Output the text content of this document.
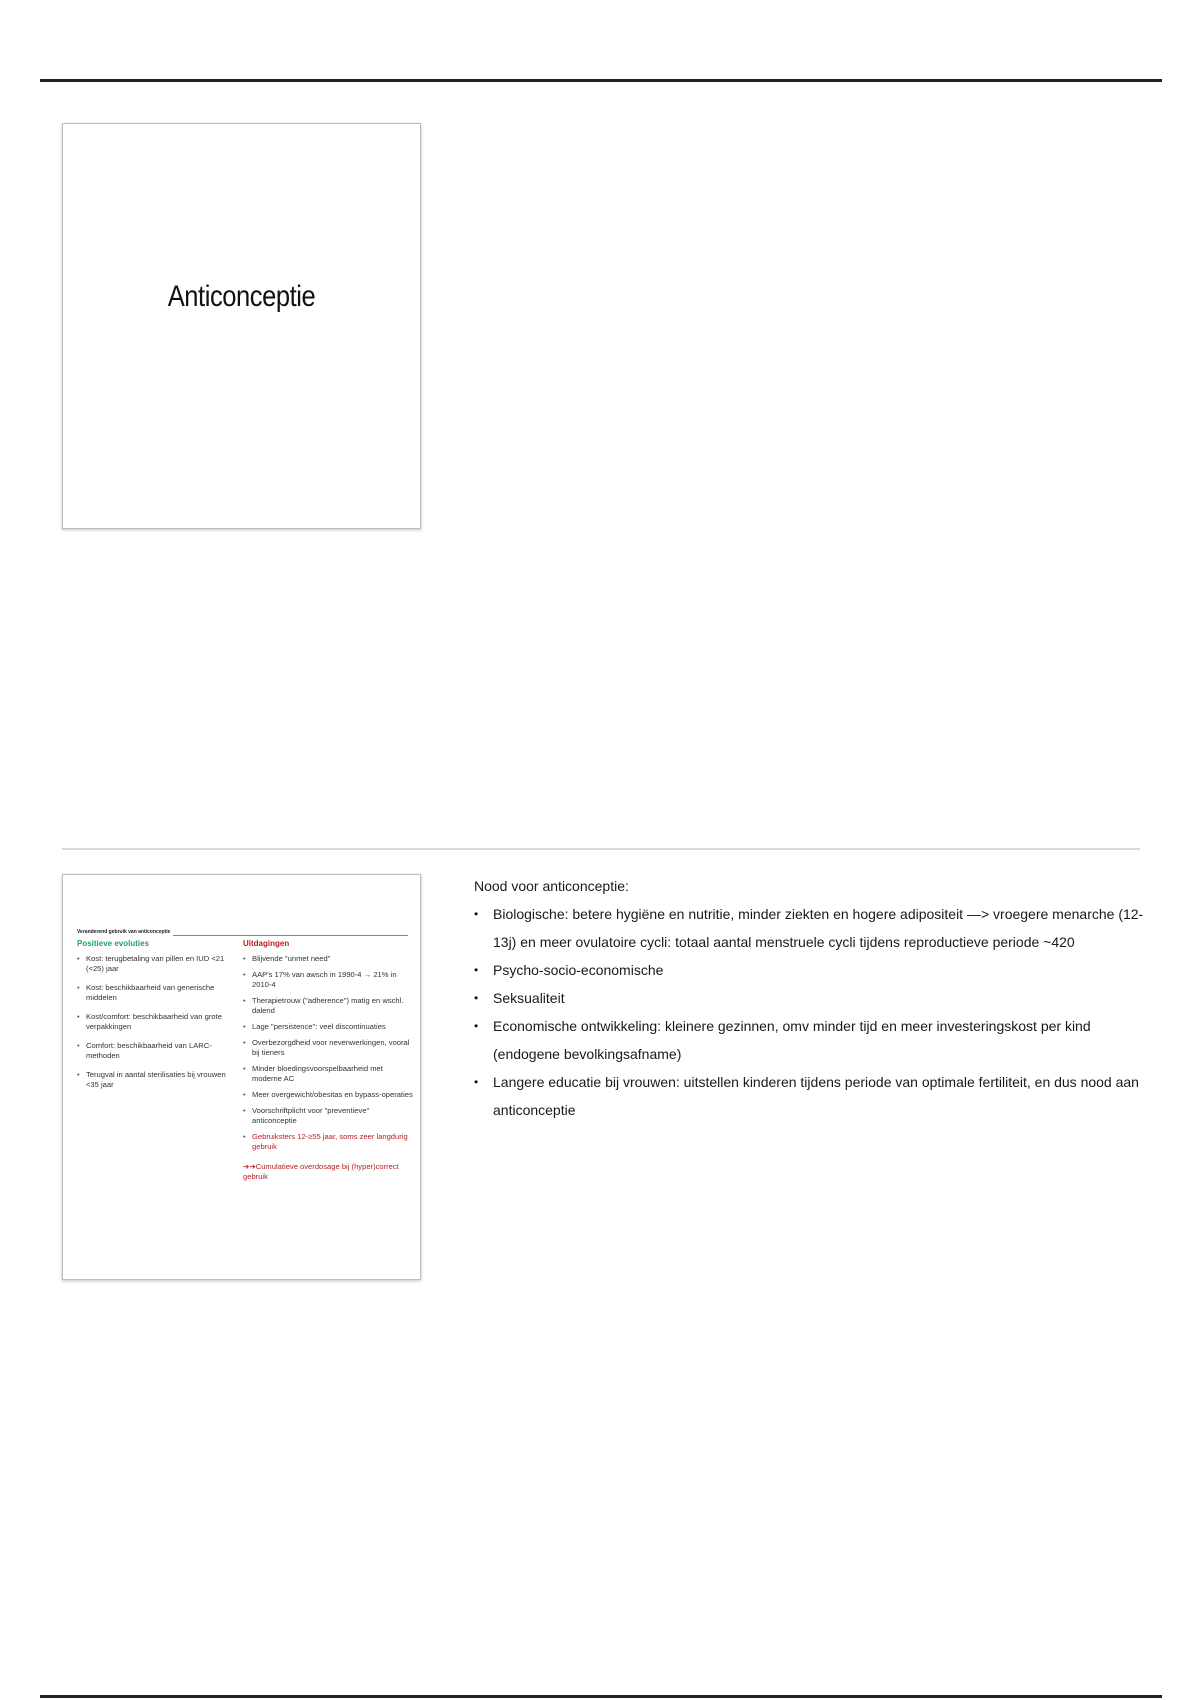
Anticonceptie
Veranderend gebruik van anticonceptie
Positieve evoluties
• Kost: terugbetaling van pillen en IUD <21 (<25) jaar
• Kost: beschikbaarheid van generische middelen
• Kost/comfort: beschikbaarheid van grote verpakkingen
• Comfort: beschikbaarheid van LARC-methoden
• Terugval in aantal sterilisaties bij vrouwen <35 jaar
Uitdagingen
• Blijvende "unmet need"
• AAP's 17% van awsch in 1990-4 → 21% in 2010-4
• Therapietrouw ("adherence") matig en wschl. dalend
• Lage "persistence": veel discontinuaties
• Overbezorgdheid voor nevenwerkingen, vooral bij tieners
• Minder bloedingsvoorspelbaarheid met moderne AC
• Meer overgewicht/obesitas en bypass-operaties
• Voorschriftplicht voor "preventieve" anticonceptie
• Gebruiksters 12-≥55 jaar, soms zeer langdurig gebruik
➔➔Cumulatieve overdosage bij (hyper)correct gebruik

Nood voor anticonceptie:

• Biologische: betere hygiëne en nutritie, minder ziekten en hogere adipositeit —> vroegere menarche (12-13j) en meer ovulatoire cycli: totaal aantal menstruele cycli tijdens reproductieve periode ~420
• Psycho-socio-economische
• Seksualiteit
• Economische ontwikkeling: kleinere gezinnen, omv minder tijd en meer investeringskost per kind (endogene bevolkingsafname)
• Langere educatie bij vrouwen: uitstellen kinderen tijdens periode van optimale fertiliteit, en dus nood aan anticonceptie
